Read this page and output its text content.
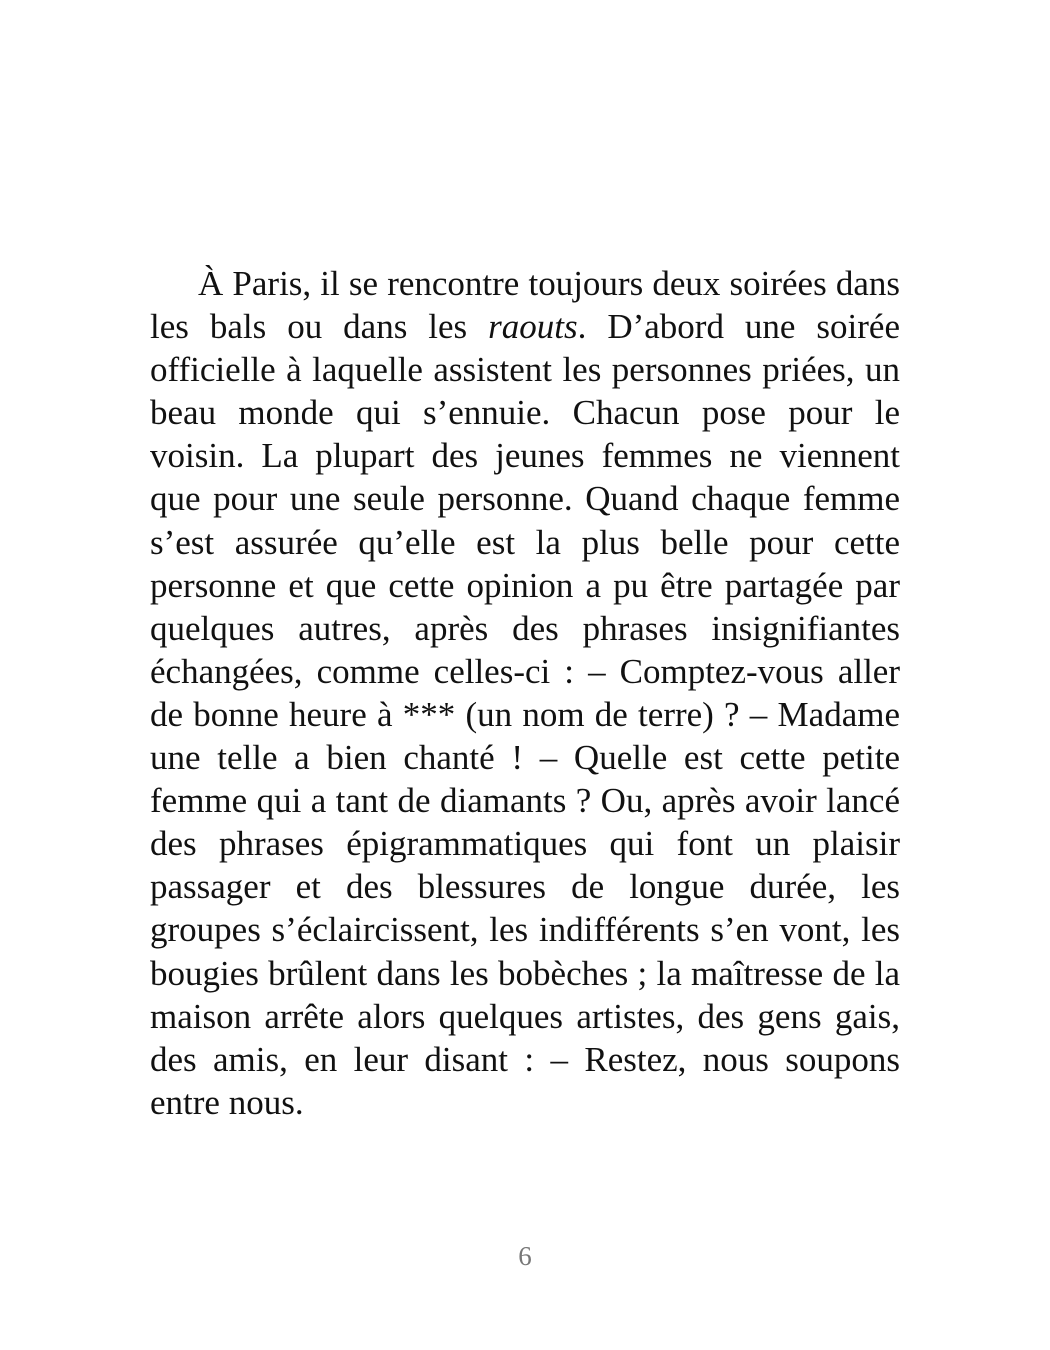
À Paris, il se rencontre toujours deux soirées dans les bals ou dans les raouts. D’abord une soirée officielle à laquelle assistent les personnes priées, un beau monde qui s’ennuie. Chacun pose pour le voisin. La plupart des jeunes femmes ne viennent que pour une seule personne. Quand chaque femme s’est assurée qu’elle est la plus belle pour cette personne et que cette opinion a pu être partagée par quelques autres, après des phrases insignifiantes échangées, comme celles-ci : – Comptez-vous aller de bonne heure à *** (un nom de terre) ? – Madame une telle a bien chanté ! – Quelle est cette petite femme qui a tant de diamants ? Ou, après avoir lancé des phrases épigrammatiques qui font un plaisir passager et des blessures de longue durée, les groupes s’éclaircissent, les indifférents s’en vont, les bougies brûlent dans les bobèches ; la maîtresse de la maison arrête alors quelques artistes, des gens gais, des amis, en leur disant : – Restez, nous soupons entre nous.

6
